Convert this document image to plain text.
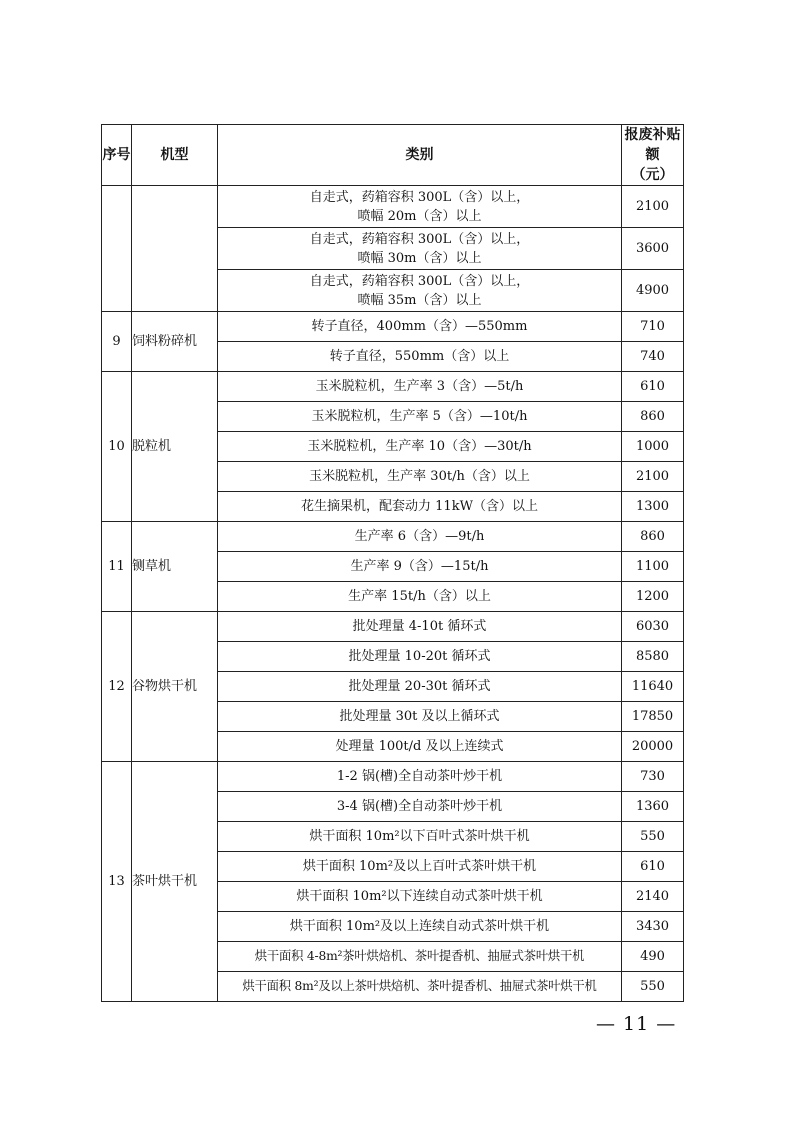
序号	机型	类别	报废补贴额
（元）
		自走式，药箱容积 300L（含）以上，
喷幅 20m（含）以上	2100
		自走式，药箱容积 300L（含）以上，
喷幅 30m（含）以上	3600
		自走式，药箱容积 300L（含）以上，
喷幅 35m（含）以上	4900
9	饲料粉碎机	转子直径，400mm（含）—550mm	710
		转子直径，550mm（含）以上	740
10	脱粒机	玉米脱粒机，生产率 3（含）—5t/h	610
		玉米脱粒机，生产率 5（含）—10t/h	860
		玉米脱粒机，生产率 10（含）—30t/h	1000
		玉米脱粒机，生产率 30t/h（含）以上	2100
		花生摘果机，配套动力 11kW（含）以上	1300
11	铡草机	生产率 6（含）—9t/h	860
		生产率 9（含）—15t/h	1100
		生产率 15t/h（含）以上	1200
12	谷物烘干机	批处理量 4-10t 循环式	6030
		批处理量 10-20t 循环式	8580
		批处理量 20-30t 循环式	11640
		批处理量 30t 及以上循环式	17850
		处理量 100t/d 及以上连续式	20000
13	茶叶烘干机	1-2 锅(槽)全自动茶叶炒干机	730
		3-4 锅(槽)全自动茶叶炒干机	1360
		烘干面积 10m²以下百叶式茶叶烘干机	550
		烘干面积 10m²及以上百叶式茶叶烘干机	610
		烘干面积 10m²以下连续自动式茶叶烘干机	2140
		烘干面积 10m²及以上连续自动式茶叶烘干机	3430
		烘干面积 4-8m²茶叶烘焙机、茶叶提香机、抽屉式茶叶烘干机	490
		烘干面积 8m²及以上茶叶烘焙机、茶叶提香机、抽屉式茶叶烘干机	550
— 11 —
